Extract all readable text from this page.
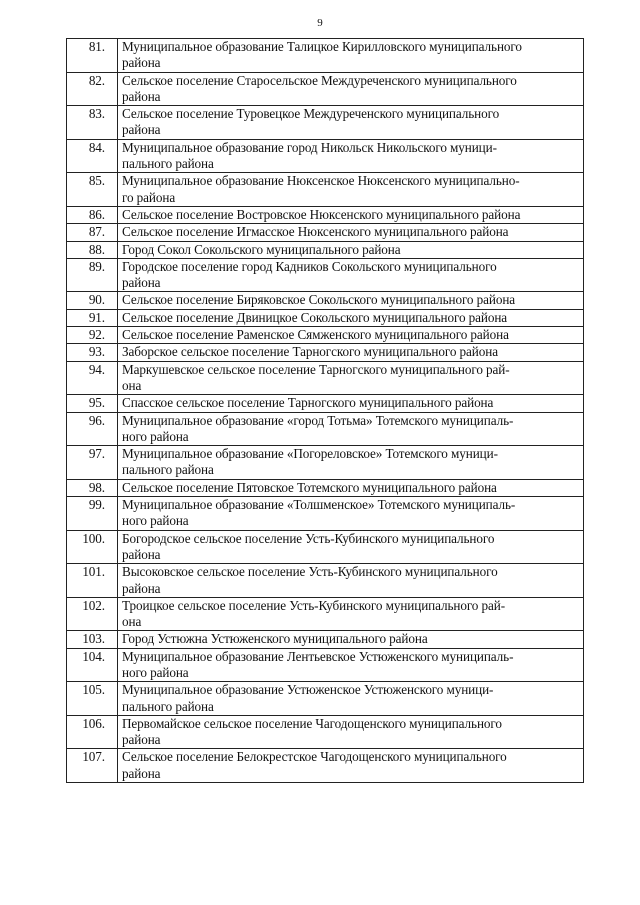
9
81.	Муниципальное образование Талицкое Кирилловского муниципального
района
82.	Сельское поселение Старосельское Междуреченского муниципального
района
83.	Сельское поселение Туровецкое Междуреченского муниципального
района
84.	Муниципальное образование город Никольск Никольского муници-
пального района
85.	Муниципальное образование Нюксенское Нюксенского муниципально-
го района
86.	Сельское поселение Востровское Нюксенского муниципального района
87.	Сельское поселение Игмасское Нюксенского муниципального района
88.	Город Сокол Сокольского муниципального района
89.	Городское поселение город Кадников Сокольского муниципального
района
90.	Сельское поселение Биряковское Сокольского муниципального района
91.	Сельское поселение Двиницкое Сокольского муниципального района
92.	Сельское поселение Раменское Сямженского муниципального района
93.	Заборское сельское поселение Тарногского муниципального района
94.	Маркушевское сельское поселение Тарногского муниципального рай-
она
95.	Спасское сельское поселение Тарногского муниципального района
96.	Муниципальное образование «город Тотьма» Тотемского муниципаль-
ного района
97.	Муниципальное образование «Погореловское» Тотемского муници-
пального района
98.	Сельское поселение Пятовское Тотемского муниципального района
99.	Муниципальное образование «Толшменское» Тотемского муниципаль-
ного района
100.	Богородское сельское поселение Усть-Кубинского муниципального
района
101.	Высоковское сельское поселение Усть-Кубинского муниципального
района
102.	Троицкое сельское поселение Усть-Кубинского муниципального рай-
она
103.	Город Устюжна Устюженского муниципального района
104.	Муниципальное образование Лентьевское Устюженского муниципаль-
ного района
105.	Муниципальное образование Устюженское Устюженского муници-
пального района
106.	Первомайское сельское поселение Чагодощенского муниципального
района
107.	Сельское поселение Белокрестское Чагодощенского муниципального
района
